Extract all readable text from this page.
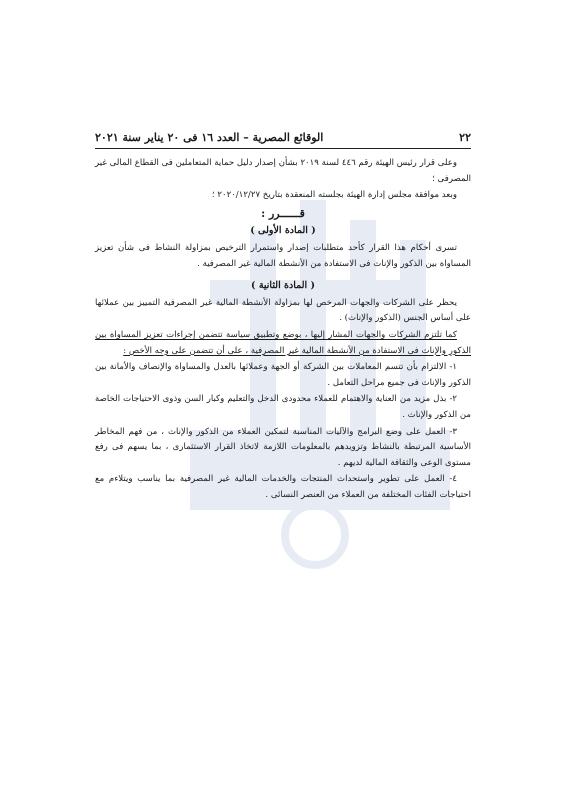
٢٢
الوقائع المصرية – العدد ١٦ فى ٢٠ يناير سنة ٢٠٢١

وعلى قرار رئيس الهيئة رقم ٤٤٦ لسنة ٢٠١٩ بشأن إصدار دليل حماية المتعاملين فى القطاع المالى غير المصرفى ؛

وبعد موافقة مجلس إدارة الهيئة بجلسته المنعقدة بتاريخ ٢٠٢٠/١٢/٢٧ ؛

قــــــرر :

( المادة الأولى )

تسرى أحكام هذا القرار كأحد متطلبات إصدار واستمرار الترخيص بمزاولة النشاط فى شأن تعزيز المساواة بين الذكور والإناث فى الاستفادة من الأنشطة المالية غير المصرفية .

( المادة الثانية )

يحظر على الشركات والجهات المرخص لها بمزاولة الأنشطة المالية غير المصرفية التمييز بين عملائها على أساس الجنس (الذكور والإناث) .

كما تلتزم الشركات والجهات المشار إليها ، بوضع وتطبيق سياسة تتضمن إجراءات تعزيز المساواة بين الذكور والإناث فى الاستفادة من الأنشطة المالية غير المصرفية ، على أن تتضمن على وجه الأخص :

١- الالتزام بأن تتسم المعاملات بين الشركة أو الجهة وعملائها بالعدل والمساواة والإنصاف والأمانة بين الذكور والإناث فى جميع مراحل التعامل .

٢- بذل مزيد من العناية والاهتمام للعملاء محدودى الدخل والتعليم وكبار السن وذوى الاحتياجات الخاصة من الذكور والإناث .

٣- العمل على وضع البرامج والآليات المناسبة لتمكين العملاء من الذكور والإناث ، من فهم المخاطر الأساسية المرتبطة بالنشاط وتزويدهم بالمعلومات اللازمة لاتخاذ القرار الاستثمارى ، بما يسهم فى رفع مستوى الوعى والثقافة المالية لديهم .

٤- العمل على تطوير واستحداث المنتجات والخدمات المالية غير المصرفية بما يناسب ويتلاءم مع احتياجات الفئات المختلفة من العملاء من العنصر النسائى .
